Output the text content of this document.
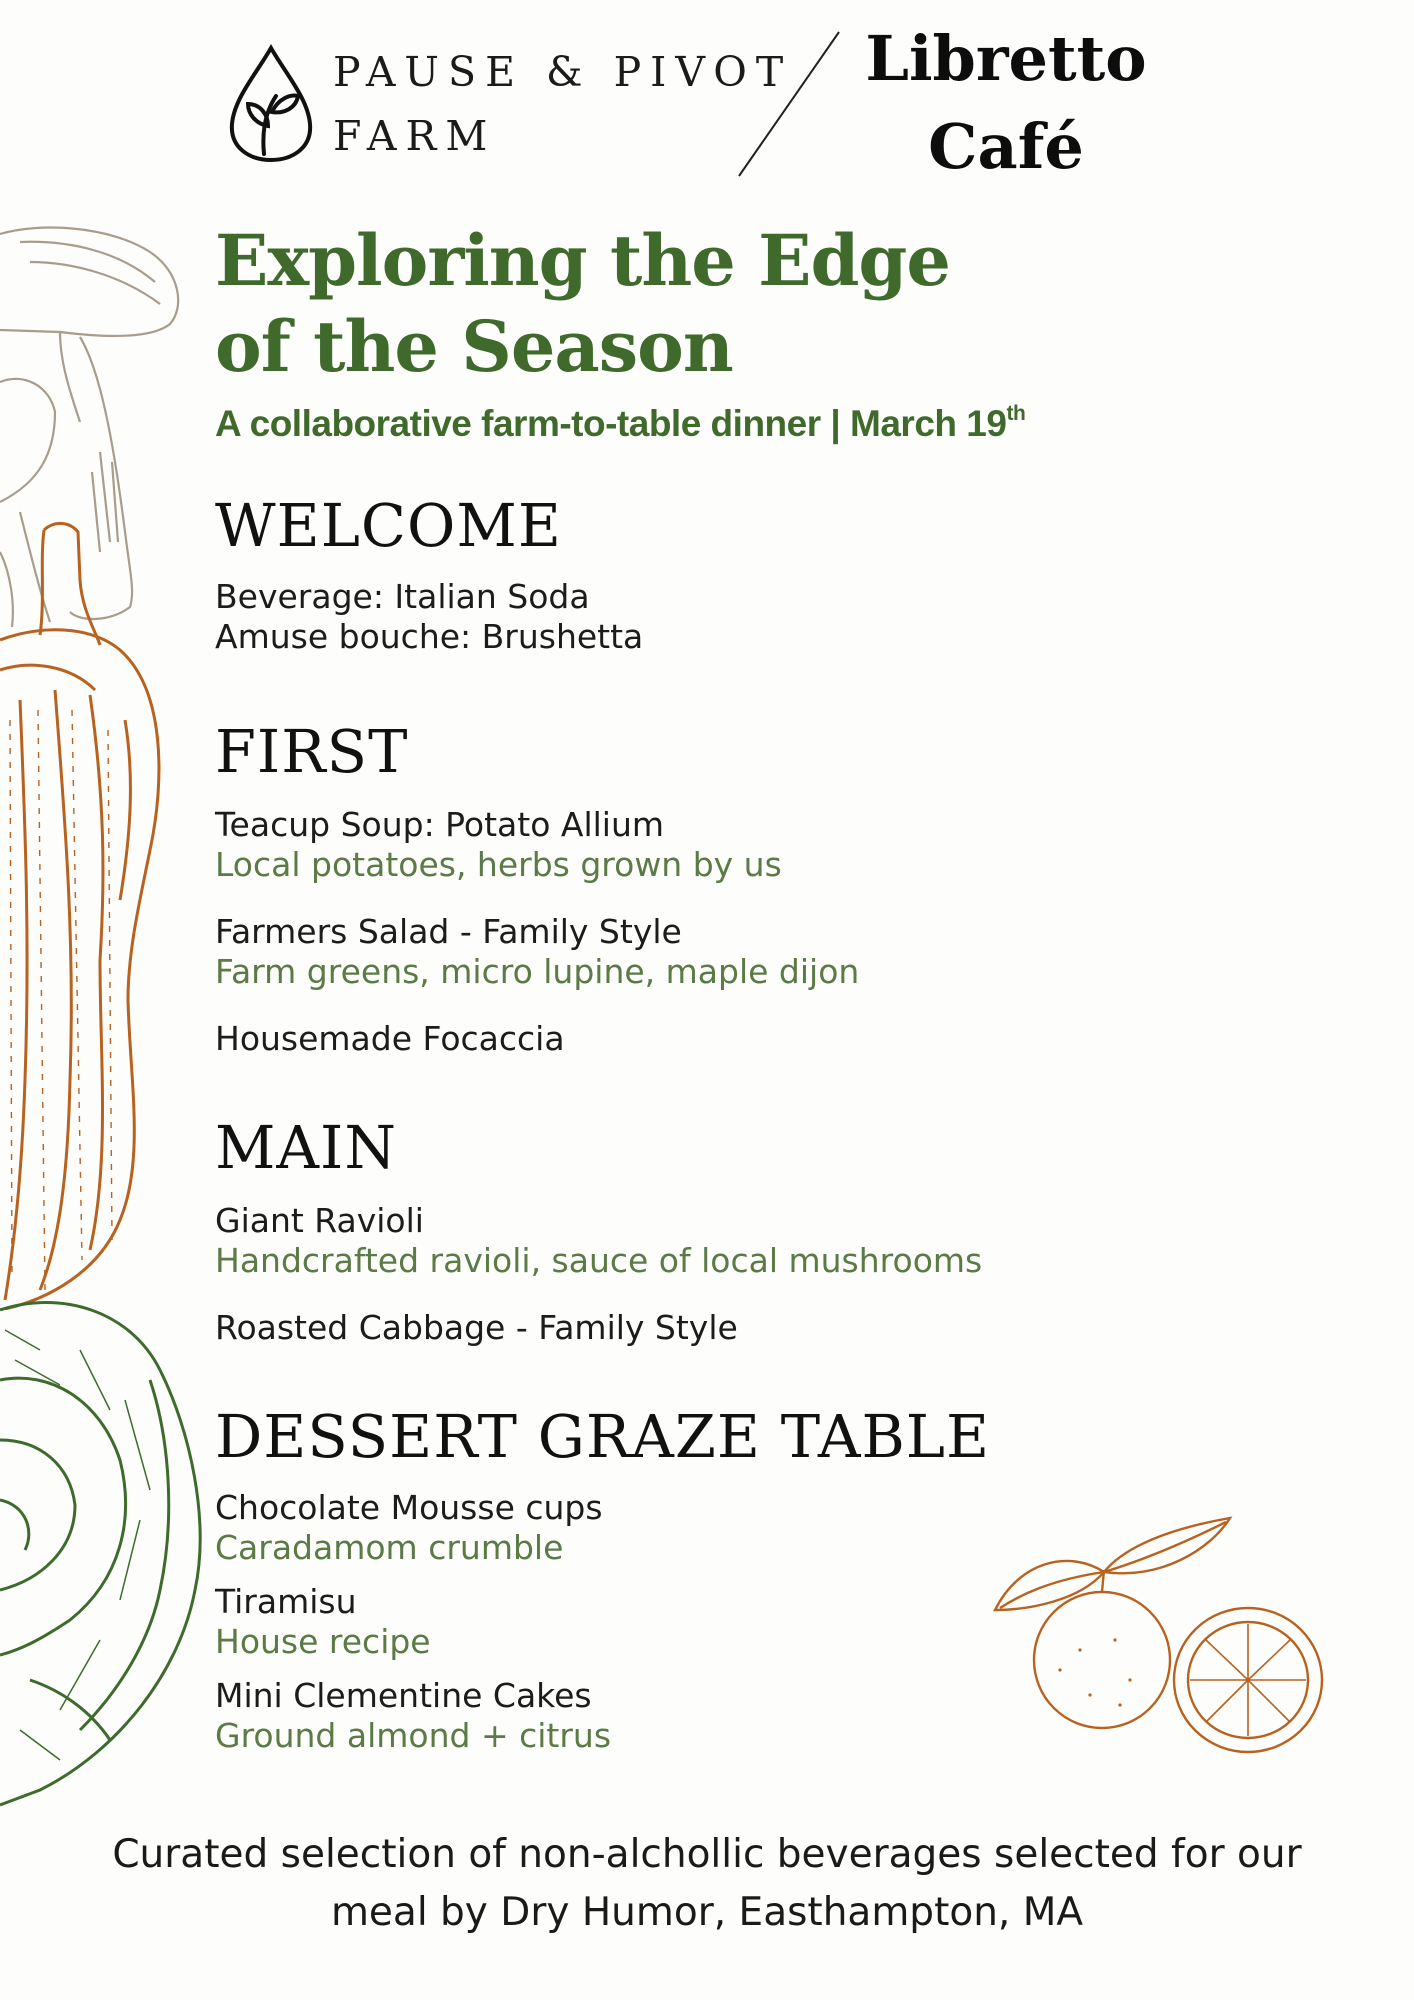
PAUSE & PIVOT
FARM
Libretto
Café
Exploring the Edge
of the Season
A collaborative farm-to-table dinner | March 19th
WELCOME
Beverage: Italian Soda
Amuse bouche: Brushetta
FIRST
Teacup Soup: Potato Allium
Local potatoes, herbs grown by us
Farmers Salad - Family Style
Farm greens, micro lupine, maple dijon
Housemade Focaccia
MAIN
Giant Ravioli
Handcrafted ravioli, sauce of local mushrooms
Roasted Cabbage - Family Style
DESSERT GRAZE TABLE
Chocolate Mousse cups
Caradamom crumble
Tiramisu
House recipe
Mini Clementine Cakes
Ground almond + citrus
Curated selection of non-alchollic beverages selected for our
meal by Dry Humor, Easthampton, MA
